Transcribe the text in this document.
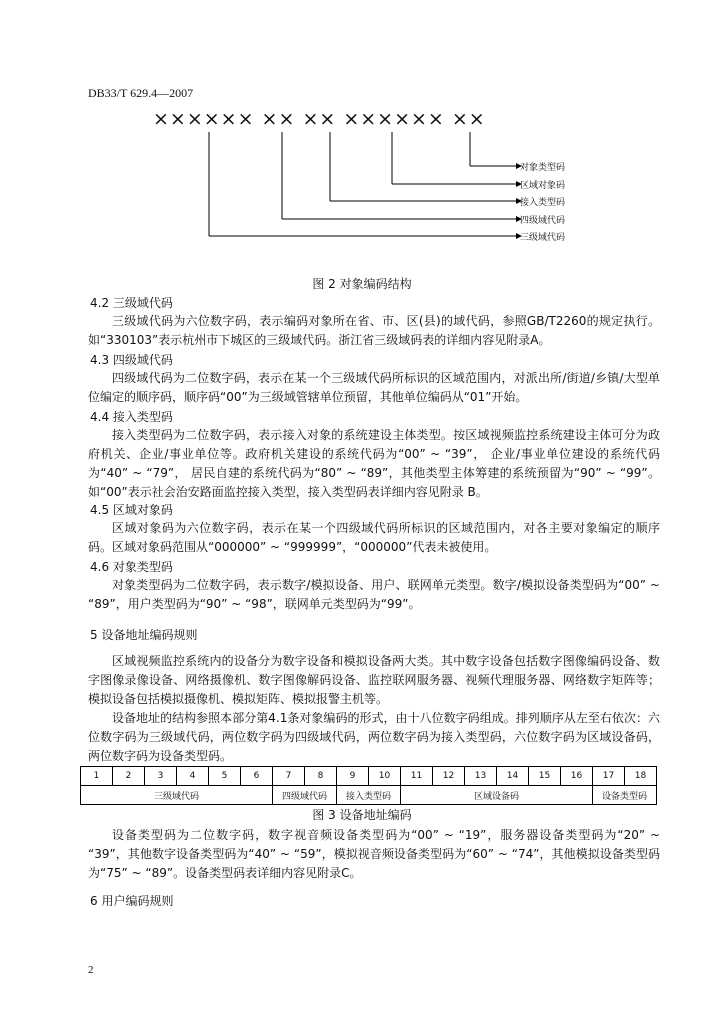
DB33/T 629.4—2007
×××××× ×× ×× ×××××× ××
对象类型码
区域对象码
接入类型码
四级域代码
三级域代码
图 2 对象编码结构
4.2 三级域代码
三级域代码为六位数字码，表示编码对象所在省、市、区(县)的域代码，参照GB/T2260的规定执行。如“330103”表示杭州市下城区的三级域代码。浙江省三级域码表的详细内容见附录A。
4.3 四级域代码
四级域代码为二位数字码，表示在某一个三级域代码所标识的区域范围内，对派出所/街道/乡镇/大型单位编定的顺序码，顺序码“00”为三级域管辖单位预留，其他单位编码从“01”开始。
4.4 接入类型码
接入类型码为二位数字码，表示接入对象的系统建设主体类型。按区域视频监控系统建设主体可分为政府机关、企业/事业单位等。政府机关建设的系统代码为“00” ~ “39”， 企业/事业单位建设的系统代码为“40” ~ “79”， 居民自建的系统代码为“80” ~ “89”，其他类型主体筹建的系统预留为“90” ~ “99”。如“00”表示社会治安路面监控接入类型，接入类型码表详细内容见附录 B。
4.5 区域对象码
区域对象码为六位数字码，表示在某一个四级域代码所标识的区域范围内，对各主要对象编定的顺序码。区域对象码范围从“000000” ~ “999999”，“000000”代表未被使用。
4.6 对象类型码
对象类型码为二位数字码，表示数字/模拟设备、用户、联网单元类型。数字/模拟设备类型码为“00” ~ “89”，用户类型码为“90” ~ “98”，联网单元类型码为“99”。
5 设备地址编码规则
区域视频监控系统内的设备分为数字设备和模拟设备两大类。其中数字设备包括数字图像编码设备、数字图像录像设备、网络摄像机、数字图像解码设备、监控联网服务器、视频代理服务器、网络数字矩阵等；模拟设备包括模拟摄像机、模拟矩阵、模拟报警主机等。
设备地址的结构参照本部分第4.1条对象编码的形式，由十八位数字码组成。排列顺序从左至右依次：六位数字码为三级域代码，两位数字码为四级域代码，两位数字码为接入类型码，六位数字码为区域设备码，两位数字码为设备类型码。
1	2	3	4	5	6	7	8	9	10	11	12	13	14	15	16	17	18
三级域代码						四级域代码		接入类型码		区域设备码						设备类型码	
图 3 设备地址编码
设备类型码为二位数字码，数字视音频设备类型码为“00” ~ “19”，服务器设备类型码为“20” ~ “39”，其他数字设备类型码为“40” ~ “59”，模拟视音频设备类型码为“60” ~ “74”，其他模拟设备类型码为“75” ~ “89”。设备类型码表详细内容见附录C。
6 用户编码规则
2
